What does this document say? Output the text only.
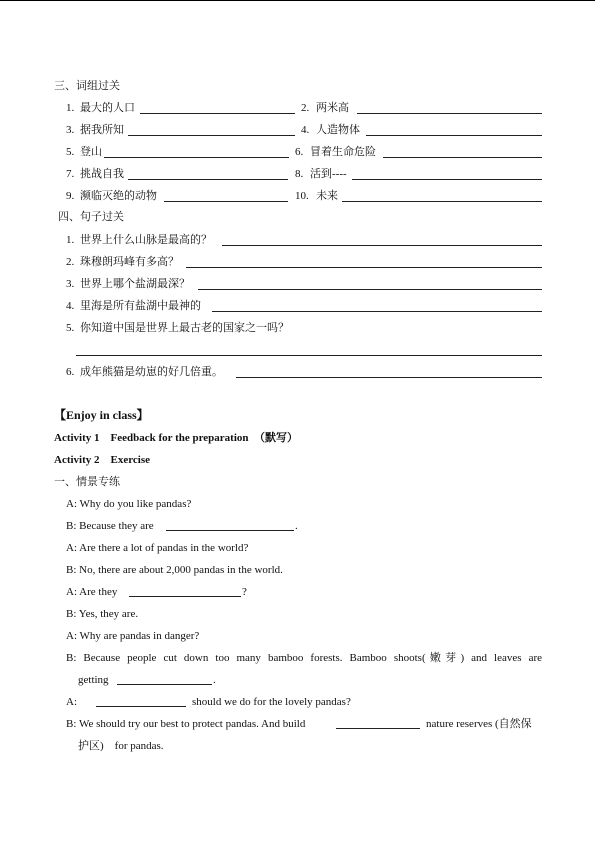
三、词组过关
1. 最大的人口	2. 两米高
3. 据我所知	4. 人造物体
5. 登山	6. 冒着生命危险
7. 挑战自我	8. 活到----
9. 濒临灭绝的动物	10. 未来
四、句子过关
1. 世界上什么山脉是最高的？
2. 珠穆朗玛峰有多高？
3. 世界上哪个盐湖最深？
4. 里海是所有盐湖中最神的
5. 你知道中国是世界上最古老的国家之一吗？
6. 成年熊猫是幼崽的好几倍重。
【Enjoy in class】
Activity 1    Feedback for the preparation  （默写）
Activity 2    Exercise
一、情景专练
A: Why do you like pandas?
B: Because they are	.
A: Are there a lot of pandas in the world?
B: No, there are about 2,000 pandas in the world.
A: Are they	?
B: Yes, they are.
A: Why are pandas in danger?
B: Because people cut down too many bamboo forests. Bamboo shoots(嫩芽) and leaves are
getting	.
A:	should we do for the lovely pandas?
B: We should try our best to protect pandas. And build	nature reserves (自然保
护区)    for pandas.
